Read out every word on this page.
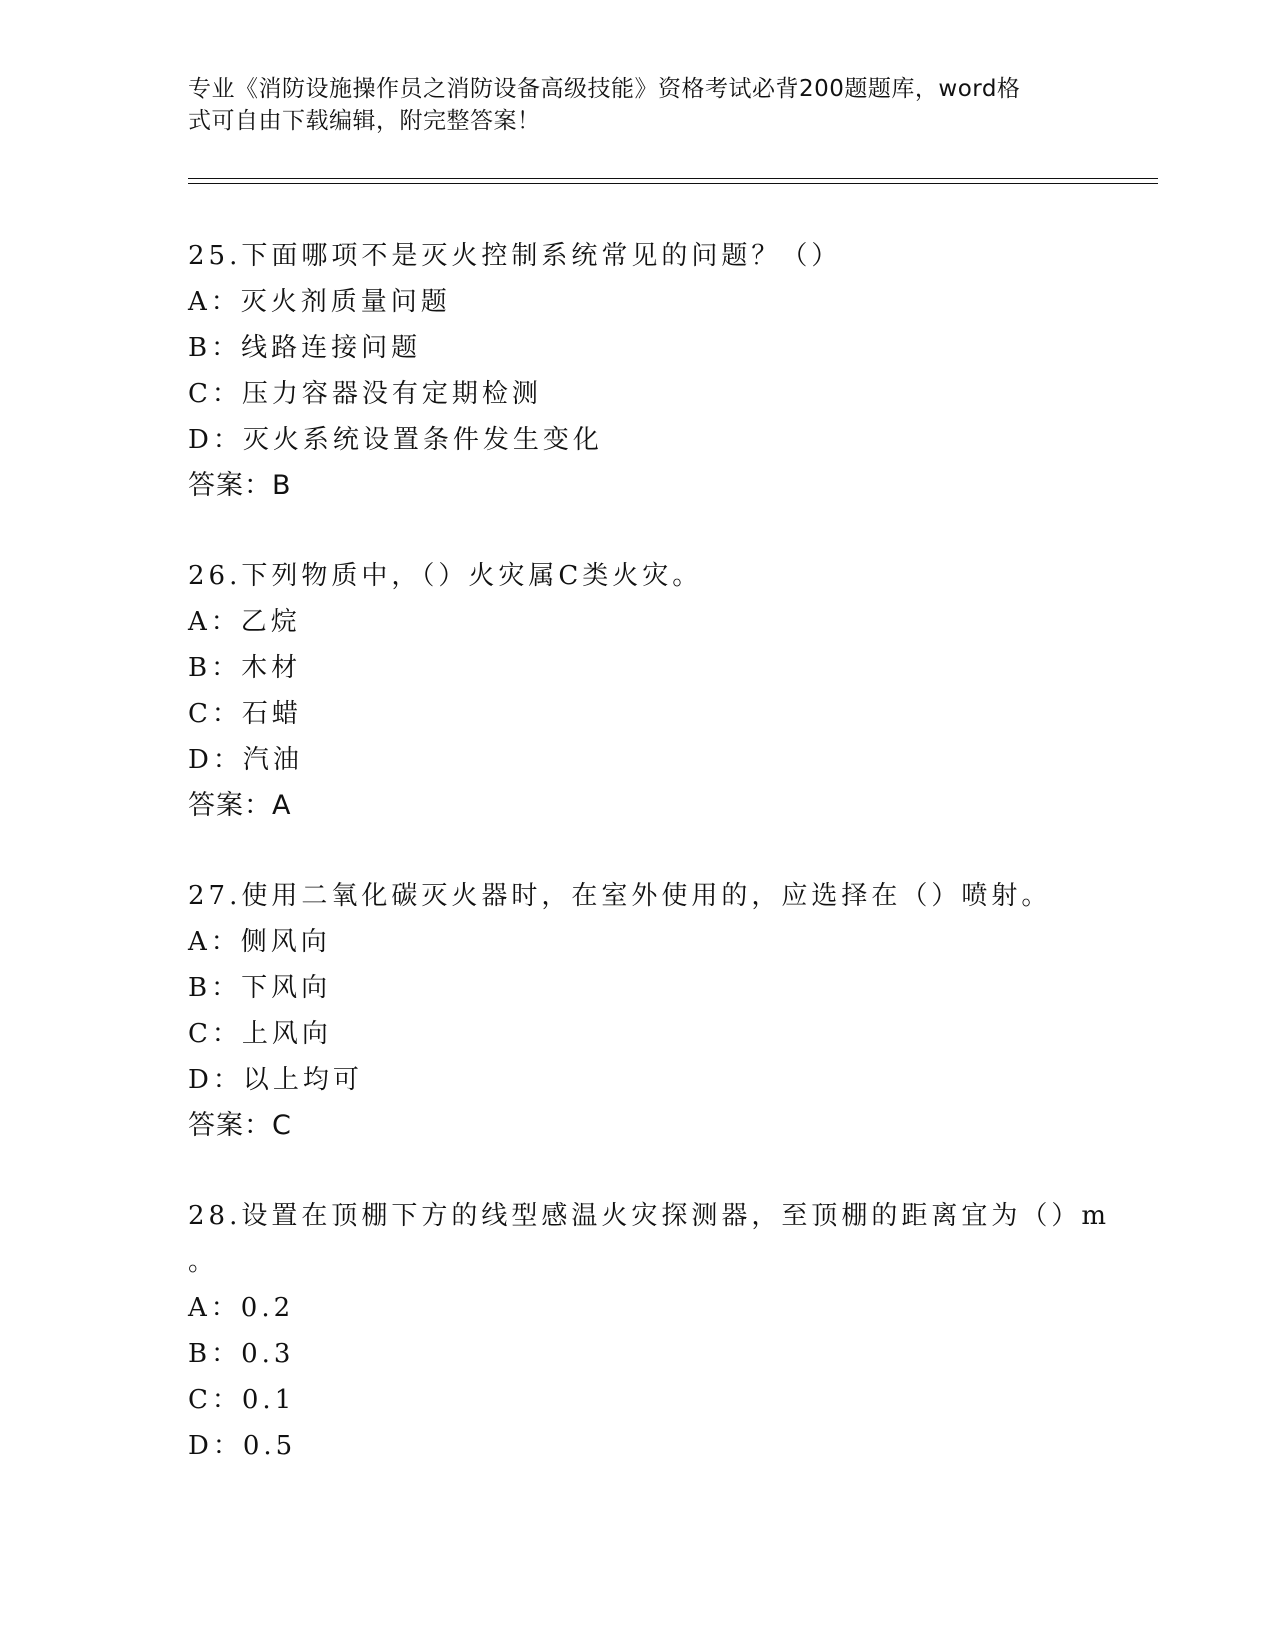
专业《消防设施操作员之消防设备高级技能》资格考试必背200题题库，word格
式可自由下载编辑，附完整答案！
25.下面哪项不是灭火控制系统常见的问题？（）
A：灭火剂质量问题
B：线路连接问题
C：压力容器没有定期检测
D：灭火系统设置条件发生变化
答案：B
26.下列物质中，（）火灾属C类火灾。
A：乙烷
B：木材
C：石蜡
D：汽油
答案：A
27.使用二氧化碳灭火器时，在室外使用的，应选择在（）喷射。
A：侧风向
B：下风向
C：上风向
D：以上均可
答案：C
28.设置在顶棚下方的线型感温火灾探测器，至顶棚的距离宜为（）m
。
A：0.2
B：0.3
C：0.1
D：0.5
